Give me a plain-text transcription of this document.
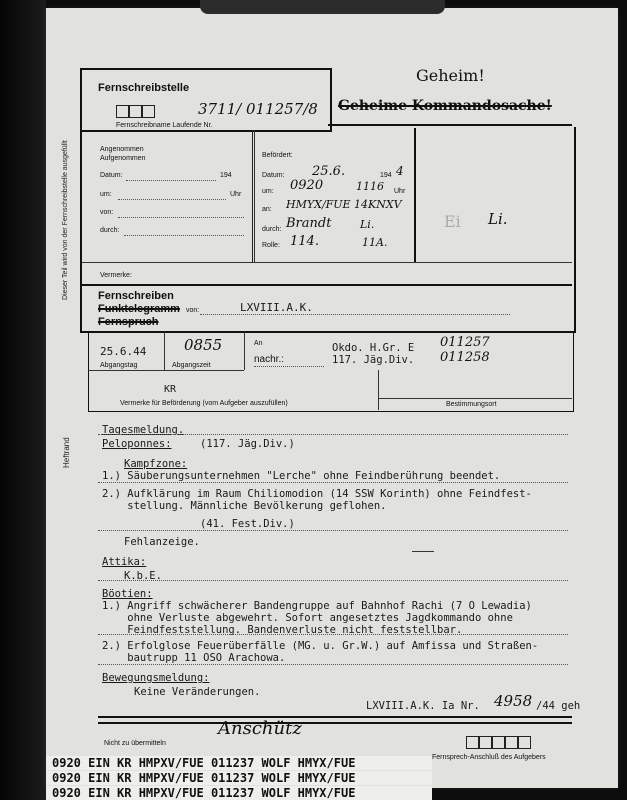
Dieser Teil wird von der Fernschreibstelle ausgefüllt
Heftrand
Fernschreibstelle
3711/ 011257/8
Fernschreibname Laufende Nr.
Geheim!
Geheime Kommandosache!
Angenommen
Aufgenommen
Datum:	194
um:	Uhr
von:
durch:
Befördert:
Datum: 25.6.	194 4
um: 0920	1116 Uhr
an: HMYX/FUE 14KNXV
durch: Brandt	Li.
Rolle: 114.	11A.
Ei Li.
Vermerke:
Fernschreiben
Funktelegramm
Fernspruch
von:	LXVIII.A.K.
25.6.44	0855
Abgangstag	Abgangszeit
An
nachr.:
Okdo. H.Gr. E 011257
117. Jäg.Div. 011258
KR
Vermerke für Beförderung (vom Aufgeber auszufüllen)	Bestimmungsort
Tagesmeldung.
Peloponnes:	(117. Jäg.Div.)
Kampfzone:
1.) Säuberungsunternehmen "Lerche" ohne Feindberührung beendet.
2.) Aufklärung im Raum Chiliomodion (14 SSW Korinth) ohne Feindfest-
stellung. Männliche Bevölkerung geflohen.
(41. Fest.Div.)
Fehlanzeige.
Attika:
K.b.E.
Böotien:
1.) Angriff schwächerer Bandengruppe auf Bahnhof Rachi (7 O Lewadia)
ohne Verluste abgewehrt. Sofort angesetztes Jagdkommando ohne
Feindfeststellung. Bandenverluste nicht feststellbar.
2.) Erfolglose Feuerüberfälle (MG. u. Gr.W.) auf Amfissa und Straßen-
bautrupp 11 OSO Arachowa.
Bewegungsmeldung:
Keine Veränderungen.
LXVIII.A.K. Ia Nr. 4958 /44 geh
Anschütz
Nicht zu übermitteln
Fernsprech-Anschluß des Aufgebers
0920 EIN KR HMPXV/FUE 011237 WOLF HMYX/FUE
0920 EIN KR HMPXV/FUE 011237 WOLF HMYX/FUE
0920 EIN KR HMPXV/FUE 011237 WOLF HMYX/FUE
